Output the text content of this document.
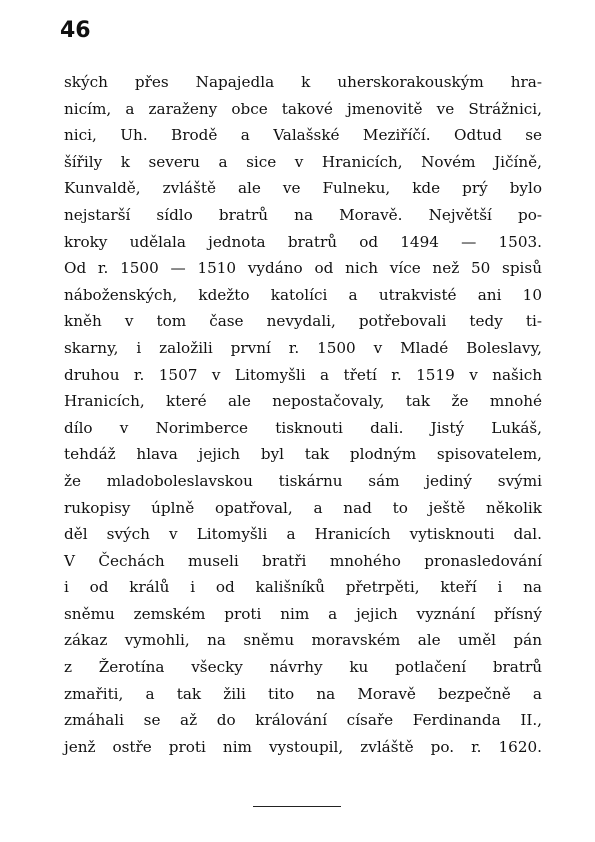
46
ských přes Napajedla k uherskorakouským hra-
nicím, a zaraženy obce takové jmenovitě ve Strážnici,
nici, Uh. Brodě a Valašské Meziříčí. Odtud se
šířily k severu a sice v Hranicích, Novém Jičíně,
Kunvaldě, zvláště ale ve Fulneku, kde prý bylo
nejstarší sídlo bratrů na Moravě. Největší po-
kroky udělala jednota bratrů od 1494 — 1503.
Od r. 1500 — 1510 vydáno od nich více než 50 spisů
náboženských, kdežto katolíci a utrakvisté ani 10
kněh v tom čase nevydali, potřebovali tedy ti-
skarny, i založili první r. 1500 v Mladé Boleslavy,
druhou r. 1507 v Litomyšli a třetí r. 1519 v našich
Hranicích, které ale nepostačovaly, tak že mnohé
dílo v Norimberce tisknouti dali. Jistý Lukáš,
tehdáž hlava jejich byl tak plodným spisovatelem,
že mladoboleslavskou tiskárnu sám jediný svými
rukopisy úplně opatřoval, a nad to ještě několik
děl svých v Litomyšli a Hranicích vytisknouti dal.
V Čechách museli bratři mnohého pronasledování
i od králů i od kališníků přetrpěti, kteří i na
sněmu zemském proti nim a jejich vyznání přísný
zákaz vymohli, na sněmu moravském ale uměl pán
z Žerotína všecky návrhy ku potlačení bratrů
zmařiti, a tak žili tito na Moravě bezpečně a
zmáhali se až do králování císaře Ferdinanda II.,
jenž ostře proti nim vystoupil, zvláště po. r. 1620.
